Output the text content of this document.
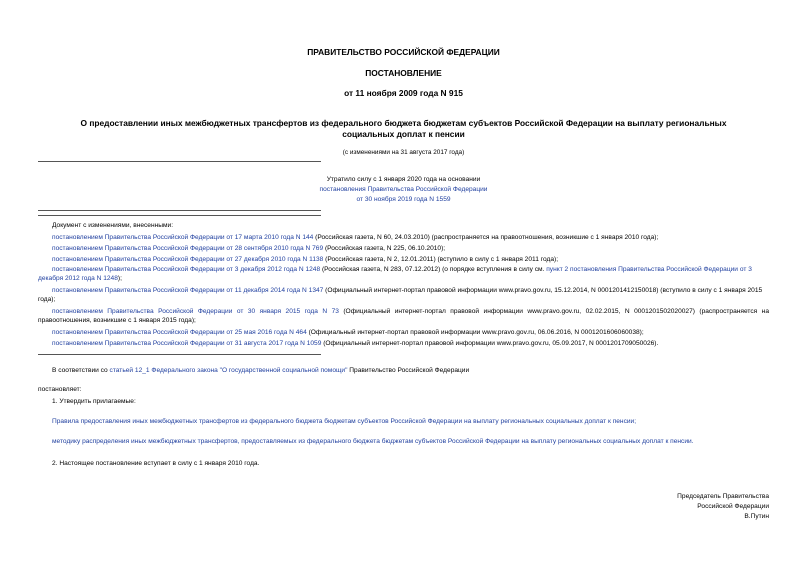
ПРАВИТЕЛЬСТВО РОССИЙСКОЙ ФЕДЕРАЦИИ
ПОСТАНОВЛЕНИЕ
от 11 ноября 2009 года N 915
О предоставлении иных межбюджетных трансфертов из федерального бюджета бюджетам субъектов Российской Федерации на выплату региональных социальных доплат к пенсии
(с изменениями на 31 августа 2017 года)
Утратило силу с 1 января 2020 года на основании
постановления Правительства Российской Федерации
от 30 ноября 2019 года N 1559
Документ с изменениями, внесенными:
постановлением Правительства Российской Федерации от 17 марта 2010 года N 144 (Российская газета, N 60, 24.03.2010) (распространяется на правоотношения, возникшие с 1 января 2010 года);
постановлением Правительства Российской Федерации от 28 сентября 2010 года N 769 (Российская газета, N 225, 06.10.2010);
постановлением Правительства Российской Федерации от 27 декабря 2010 года N 1138 (Российская газета, N 2, 12.01.2011) (вступило в силу с 1 января 2011 года);
постановлением Правительства Российской Федерации от 3 декабря 2012 года N 1248 (Российская газета, N 283, 07.12.2012) (о порядке вступления в силу см. пункт 2 постановления Правительства Российской Федерации от 3 декабря 2012 года N 1248);
постановлением Правительства Российской Федерации от 11 декабря 2014 года N 1347 (Официальный интернет-портал правовой информации www.pravo.gov.ru, 15.12.2014, N 0001201412150018) (вступило в силу с 1 января 2015 года);
постановлением Правительства Российской Федерации от 30 января 2015 года N 73 (Официальный интернет-портал правовой информации www.pravo.gov.ru, 02.02.2015, N 0001201502020027) (распространяется на правоотношения, возникшие с 1 января 2015 года);
постановлением Правительства Российской Федерации от 25 мая 2016 года N 464 (Официальный интернет-портал правовой информации www.pravo.gov.ru, 06.06.2016, N 0001201606060038);
постановлением Правительства Российской Федерации от 31 августа 2017 года N 1059 (Официальный интернет-портал правовой информации www.pravo.gov.ru, 05.09.2017, N 0001201709050026).
В соответствии со статьей 12_1 Федерального закона "О государственной социальной помощи" Правительство Российской Федерации
постановляет:
1. Утвердить прилагаемые:
Правила предоставления иных межбюджетных трансфертов из федерального бюджета бюджетам субъектов Российской Федерации на выплату региональных социальных доплат к пенсии;
методику распределения иных межбюджетных трансфертов, предоставляемых из федерального бюджета бюджетам субъектов Российской Федерации на выплату региональных социальных доплат к пенсии.
2. Настоящее постановление вступает в силу с 1 января 2010 года.
Председатель Правительства
Российской Федерации
В.Путин
